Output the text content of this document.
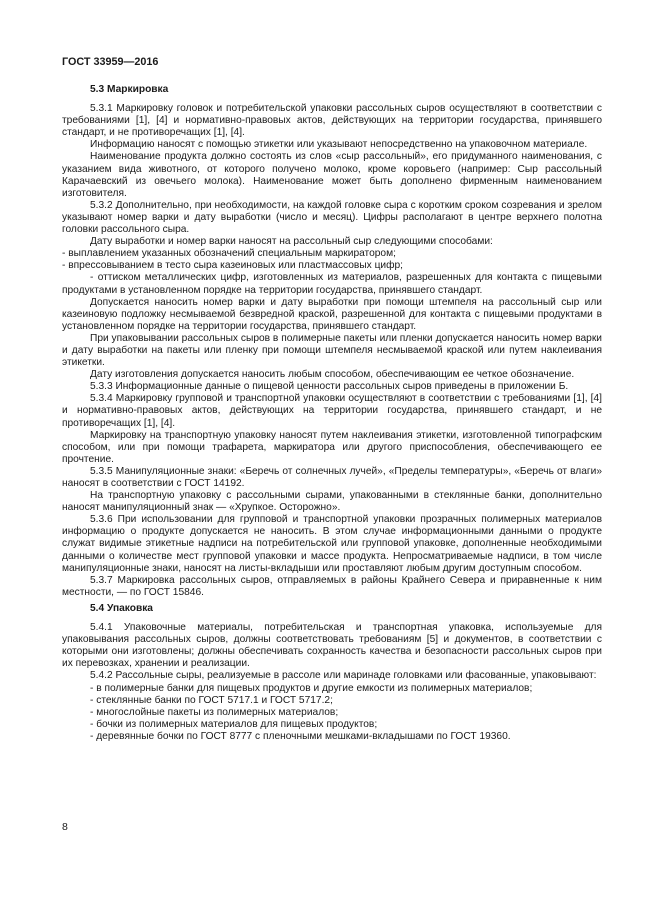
ГОСТ 33959—2016
5.3 Маркировка

5.3.1 Маркировку головок и потребительской упаковки рассольных сыров осуществляют в соответствии с требованиями [1], [4] и нормативно-правовых актов, действующих на территории государства, принявшего стандарт, и не противоречащих [1], [4].

Информацию наносят с помощью этикетки или указывают непосредственно на упаковочном материале.

Наименование продукта должно состоять из слов «сыр рассольный», его придуманного наименования, с указанием вида животного, от которого получено молоко, кроме коровьего (например: Сыр рассольный Карачаевский из овечьего молока). Наименование может быть дополнено фирменным наименованием изготовителя.

5.3.2 Дополнительно, при необходимости, на каждой головке сыра с коротким сроком созревания и зрелом указывают номер варки и дату выработки (число и месяц). Цифры располагают в центре верхнего полотна головки рассольного сыра.

Дату выработки и номер варки наносят на рассольный сыр следующими способами:

- выплавлением указанных обозначений специальным маркиратором;

- впрессовыванием в тесто сыра казеиновых или пластмассовых цифр;

- оттиском металлических цифр, изготовленных из материалов, разрешенных для контакта с пищевыми продуктами в установленном порядке на территории государства, принявшего стандарт.

Допускается наносить номер варки и дату выработки при помощи штемпеля на рассольный сыр или казеиновую подложку несмываемой безвредной краской, разрешенной для контакта с пищевыми продуктами в установленном порядке на территории государства, принявшего стандарт.

При упаковывании рассольных сыров в полимерные пакеты или пленки допускается наносить номер варки и дату выработки на пакеты или пленку при помощи штемпеля несмываемой краской или путем наклеивания этикетки.

Дату изготовления допускается наносить любым способом, обеспечивающим ее четкое обозначение.

5.3.3 Информационные данные о пищевой ценности рассольных сыров приведены в приложении Б.

5.3.4 Маркировку групповой и транспортной упаковки осуществляют в соответствии с требованиями [1], [4] и нормативно-правовых актов, действующих на территории государства, принявшего стандарт, и не противоречащих [1], [4].

Маркировку на транспортную упаковку наносят путем наклеивания этикетки, изготовленной типографским способом, или при помощи трафарета, маркиратора или другого приспособления, обеспечивающего ее прочтение.

5.3.5 Манипуляционные знаки: «Беречь от солнечных лучей», «Пределы температуры», «Беречь от влаги» наносят в соответствии с ГОСТ 14192.

На транспортную упаковку с рассольными сырами, упакованными в стеклянные банки, дополнительно наносят манипуляционный знак — «Хрупкое. Осторожно».

5.3.6 При использовании для групповой и транспортной упаковки прозрачных полимерных материалов информацию о продукте допускается не наносить. В этом случае информационными данными о продукте служат видимые этикетные надписи на потребительской или групповой упаковке, дополненные необходимыми данными о количестве мест групповой упаковки и массе продукта. Непросматриваемые надписи, в том числе манипуляционные знаки, наносят на листы-вкладыши или проставляют любым другим доступным способом.

5.3.7 Маркировка рассольных сыров, отправляемых в районы Крайнего Севера и приравненные к ним местности, — по ГОСТ 15846.

5.4 Упаковка

5.4.1 Упаковочные материалы, потребительская и транспортная упаковка, используемые для упаковывания рассольных сыров, должны соответствовать требованиям [5] и документов, в соответствии с которыми они изготовлены; должны обеспечивать сохранность качества и безопасности рассольных сыров при их перевозках, хранении и реализации.

5.4.2 Рассольные сыры, реализуемые в рассоле или маринаде головками или фасованные, упаковывают:

- в полимерные банки для пищевых продуктов и другие емкости из полимерных материалов;

- стеклянные банки по ГОСТ 5717.1 и ГОСТ 5717.2;

- многослойные пакеты из полимерных материалов;

- бочки из полимерных материалов для пищевых продуктов;

- деревянные бочки по ГОСТ 8777 с пленочными мешками-вкладышами по ГОСТ 19360.

8
